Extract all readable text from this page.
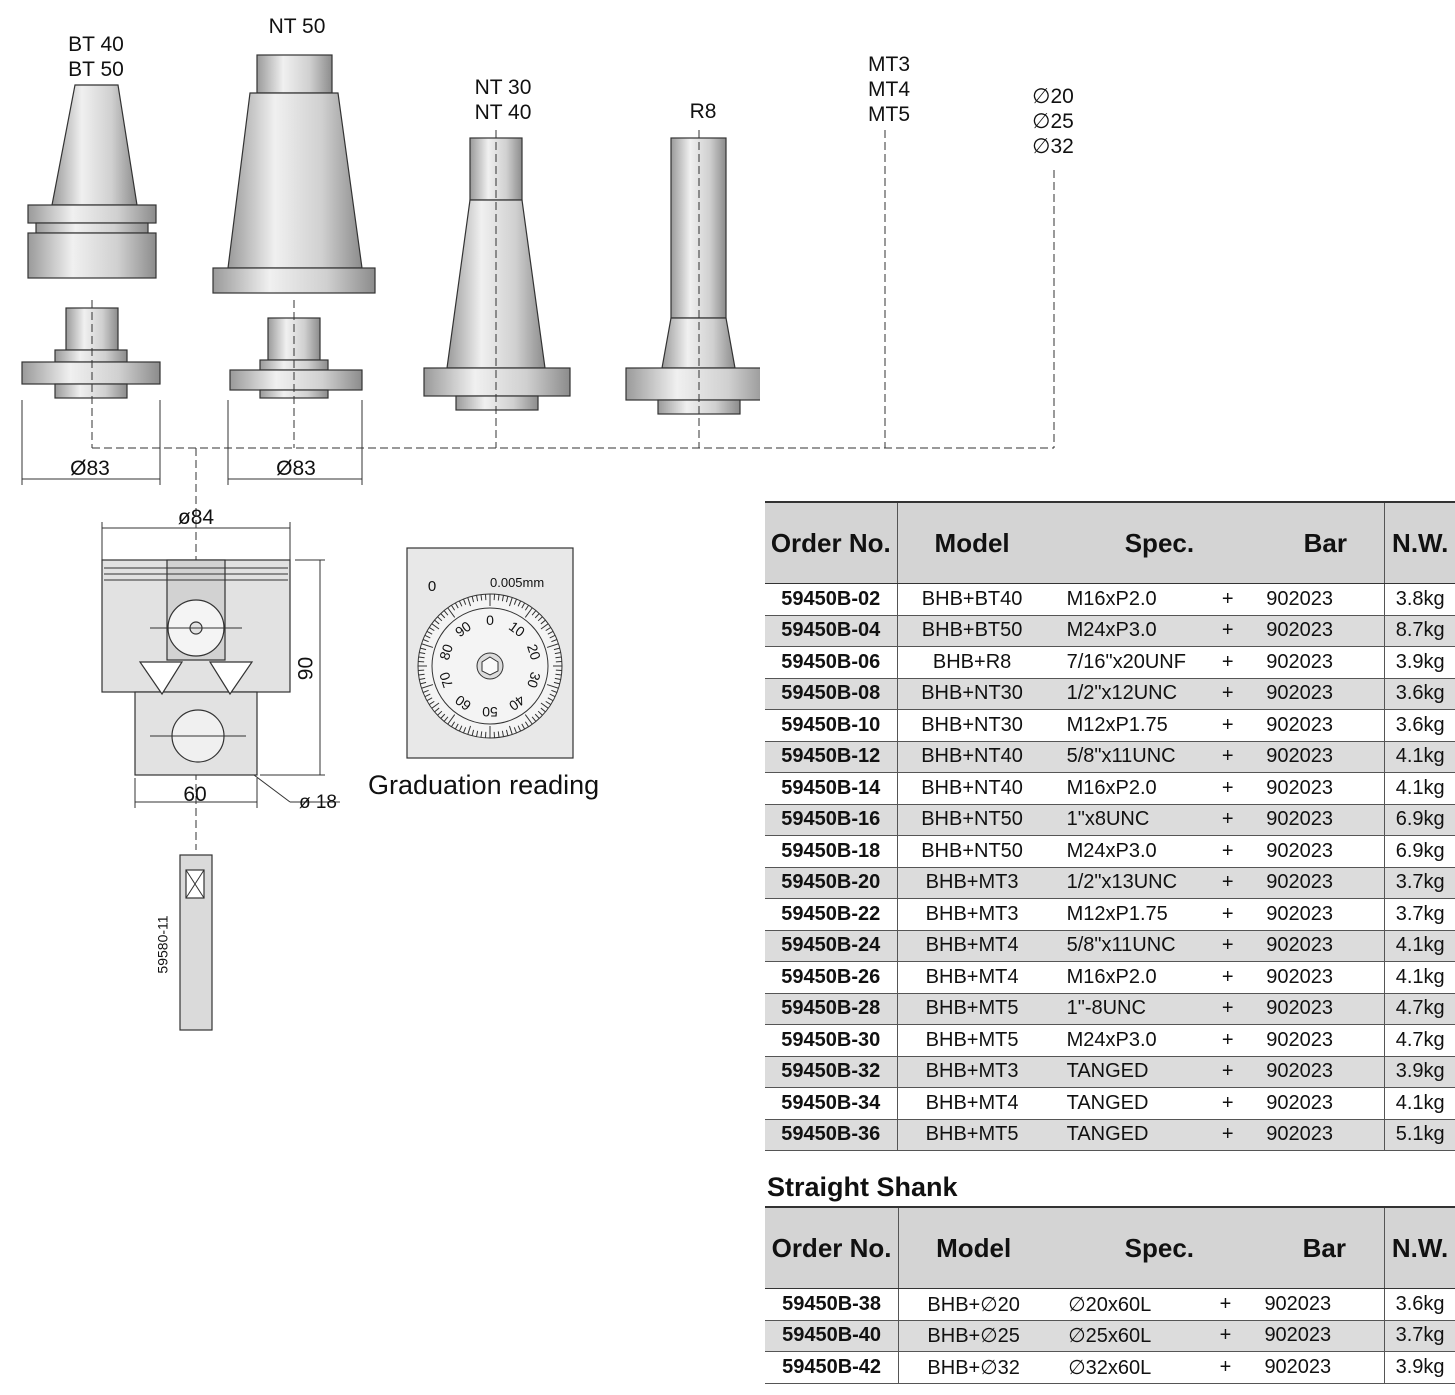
BT 40
BT 50
NT 50
NT 30
NT 40	R8
MT3
MT4
MT5
∅20
∅25
∅32
Ø83	Ø83
ø84
90
60	ø 18
59580-11
0.005mm
0
0 10
20
30
40
50
60
70
80
90
Graduation reading
Order No.	Model	Spec.		Bar	N.W.
59450B-02	BHB+BT40	M16xP2.0	+	902023	3.8kg
59450B-04	BHB+BT50	M24xP3.0	+	902023	8.7kg
59450B-06	BHB+R8	7/16"x20UNF	+	902023	3.9kg
59450B-08	BHB+NT30	1/2"x12UNC	+	902023	3.6kg
59450B-10	BHB+NT30	M12xP1.75	+	902023	3.6kg
59450B-12	BHB+NT40	5/8"x11UNC	+	902023	4.1kg
59450B-14	BHB+NT40	M16xP2.0	+	902023	4.1kg
59450B-16	BHB+NT50	1"x8UNC	+	902023	6.9kg
59450B-18	BHB+NT50	M24xP3.0	+	902023	6.9kg
59450B-20	BHB+MT3	1/2"x13UNC	+	902023	3.7kg
59450B-22	BHB+MT3	M12xP1.75	+	902023	3.7kg
59450B-24	BHB+MT4	5/8"x11UNC	+	902023	4.1kg
59450B-26	BHB+MT4	M16xP2.0	+	902023	4.1kg
59450B-28	BHB+MT5	1"-8UNC	+	902023	4.7kg
59450B-30	BHB+MT5	M24xP3.0	+	902023	4.7kg
59450B-32	BHB+MT3	TANGED	+	902023	3.9kg
59450B-34	BHB+MT4	TANGED	+	902023	4.1kg
59450B-36	BHB+MT5	TANGED	+	902023	5.1kg
Straight Shank
Order No.	Model	Spec.		Bar	N.W.
59450B-38	BHB+∅20	∅20x60L	+	902023	3.6kg
59450B-40	BHB+∅25	∅25x60L	+	902023	3.7kg
59450B-42	BHB+∅32	∅32x60L	+	902023	3.9kg
